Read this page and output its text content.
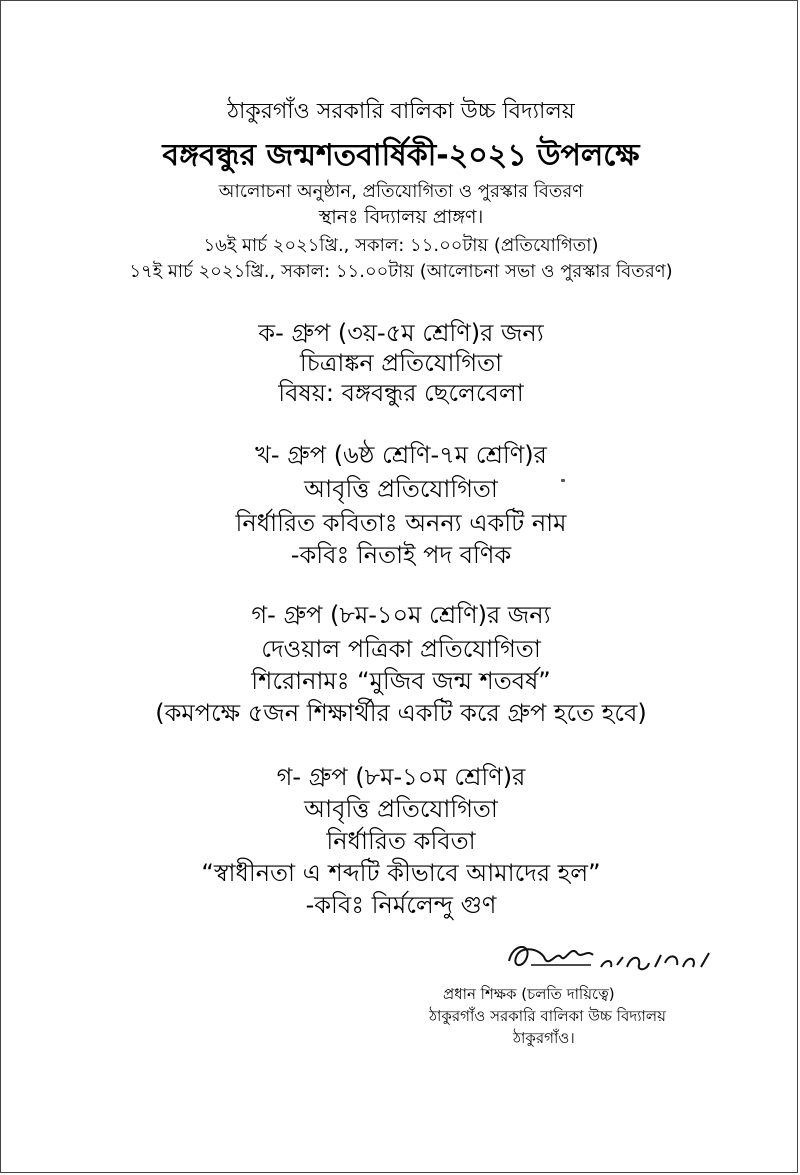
ঠাকুরগাঁও সরকারি বালিকা উচ্চ বিদ্যালয়
বঙ্গবন্ধুর জন্মশতবার্ষিকী-২০২১ উপলক্ষে
আলোচনা অনুষ্ঠান, প্রতিযোগিতা ও পুরস্কার বিতরণ
স্থানঃ বিদ্যালয় প্রাঙ্গণ।
১৬ই মার্চ ২০২১খ্রি., সকাল: ১১.০০টায় (প্রতিযোগিতা)
১৭ই মার্চ ২০২১খ্রি., সকাল: ১১.০০টায় (আলোচনা সভা ও পুরস্কার বিতরণ)
ক- গ্রুপ (৩য়-৫ম শ্রেণি)র জন্য
চিত্রাঙ্কন প্রতিযোগিতা
বিষয়: বঙ্গবন্ধুর ছেলেবেলা
খ- গ্রুপ (৬ষ্ঠ শ্রেণি-৭ম শ্রেণি)র
আবৃত্তি প্রতিযোগিতা
নির্ধারিত কবিতাঃ অনন্য একটি নাম
-কবিঃ নিতাই পদ বণিক
গ- গ্রুপ (৮ম-১০ম শ্রেণি)র জন্য
দেওয়াল পত্রিকা প্রতিযোগিতা
শিরোনামঃ “মুজিব জন্ম শতবর্ষ”
(কমপক্ষে ৫জন শিক্ষার্থীর একটি করে গ্রুপ হতে হবে)
গ- গ্রুপ (৮ম-১০ম শ্রেণি)র
আবৃত্তি প্রতিযোগিতা
নির্ধারিত কবিতা
“স্বাধীনতা এ শব্দটি কীভাবে আমাদের হল”
-কবিঃ নির্মলেন্দু গুণ
প্রধান শিক্ষক (চলতি দায়িত্বে)
ঠাকুরগাঁও সরকারি বালিকা উচ্চ বিদ্যালয়
ঠাকুরগাঁও।
